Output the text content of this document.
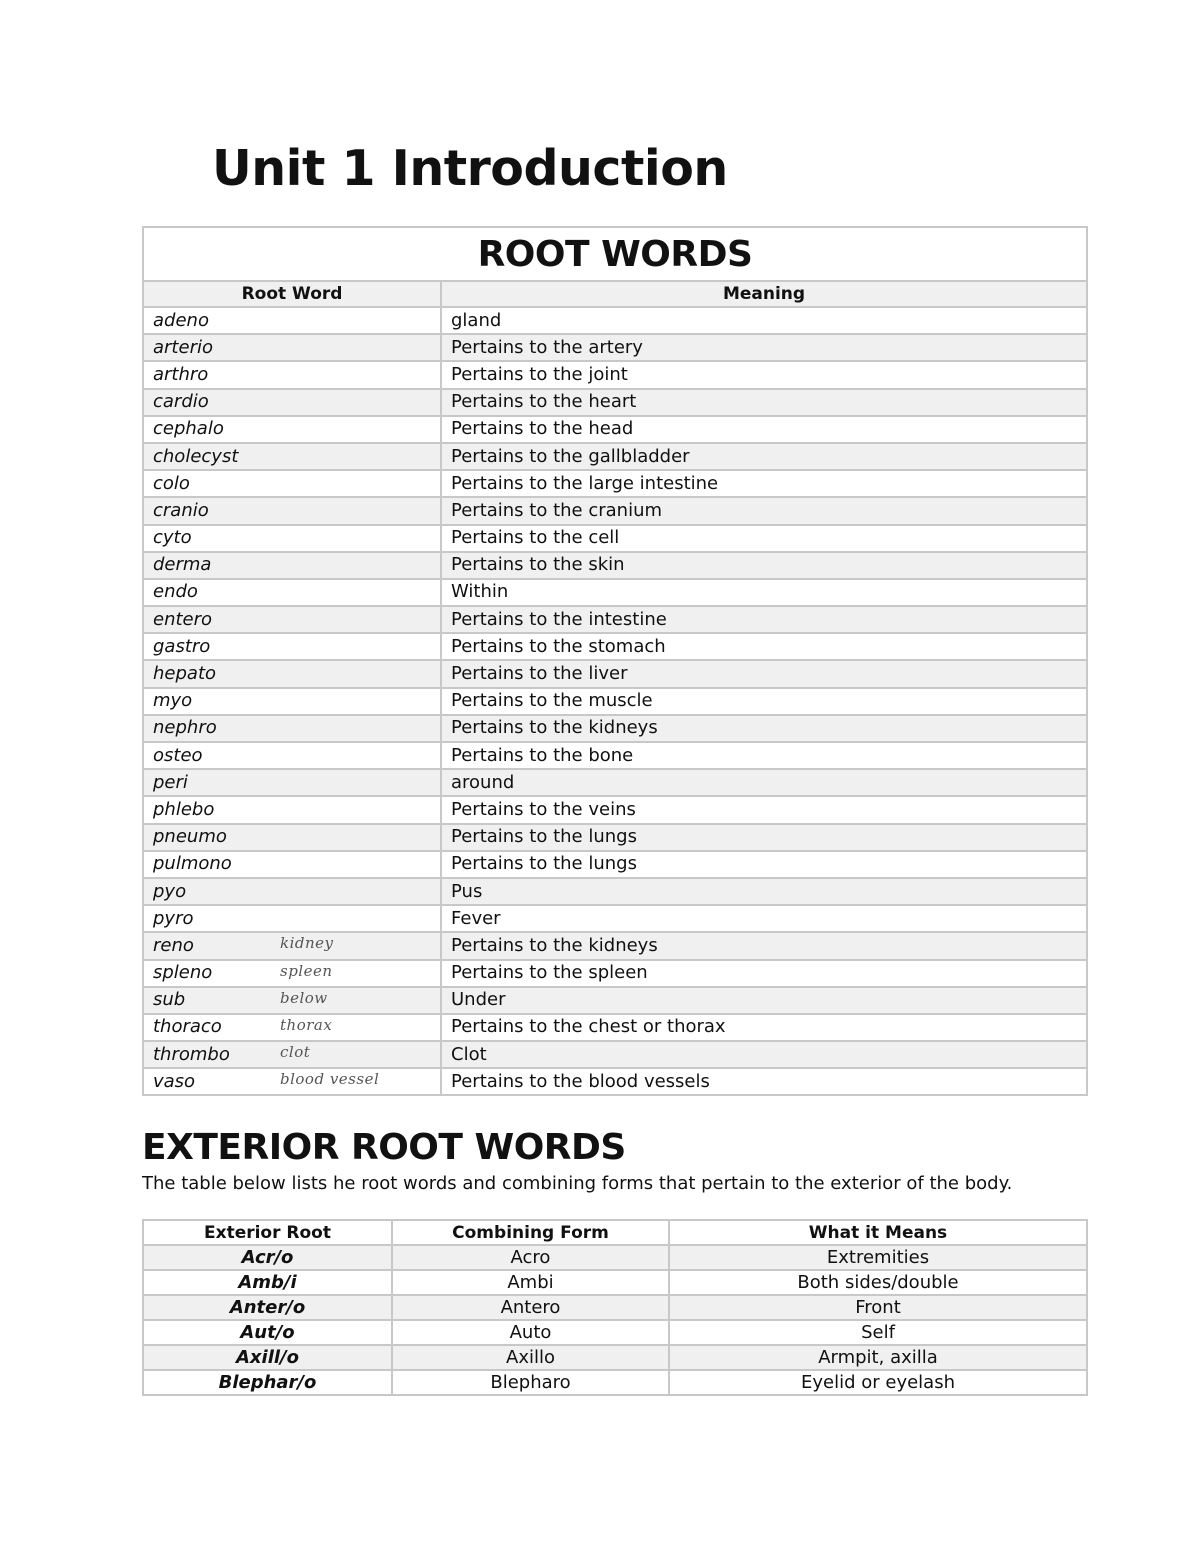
Unit 1 Introduction
ROOT WORDS	
Root Word	Meaning
adeno	gland
arterio	Pertains to the artery
arthro	Pertains to the joint
cardio	Pertains to the heart
cephalo	Pertains to the head
cholecyst	Pertains to the gallbladder
colo	Pertains to the large intestine
cranio	Pertains to the cranium
cyto	Pertains to the cell
derma	Pertains to the skin
endo	Within
entero	Pertains to the intestine
gastro	Pertains to the stomach
hepato	Pertains to the liver
myo	Pertains to the muscle
nephro	Pertains to the kidneys
osteo	Pertains to the bone
peri	around
phlebo	Pertains to the veins
pneumo	Pertains to the lungs
pulmono	Pertains to the lungs
pyo	Pus
pyro	Fever
reno kidney	Pertains to the kidneys
spleno spleen	Pertains to the spleen
sub below	Under
thoraco thorax	Pertains to the chest or thorax
thrombo clot	Clot
vaso blood vessel	Pertains to the blood vessels
EXTERIOR ROOT WORDS

The table below lists he root words and combining forms that pertain to the exterior of the body.

Exterior Root	Combining Form	What it Means
Acr/o	Acro	Extremities
Amb/i	Ambi	Both sides/double
Anter/o	Antero	Front
Aut/o	Auto	Self
Axill/o	Axillo	Armpit, axilla
Blephar/o	Blepharo	Eyelid or eyelash
